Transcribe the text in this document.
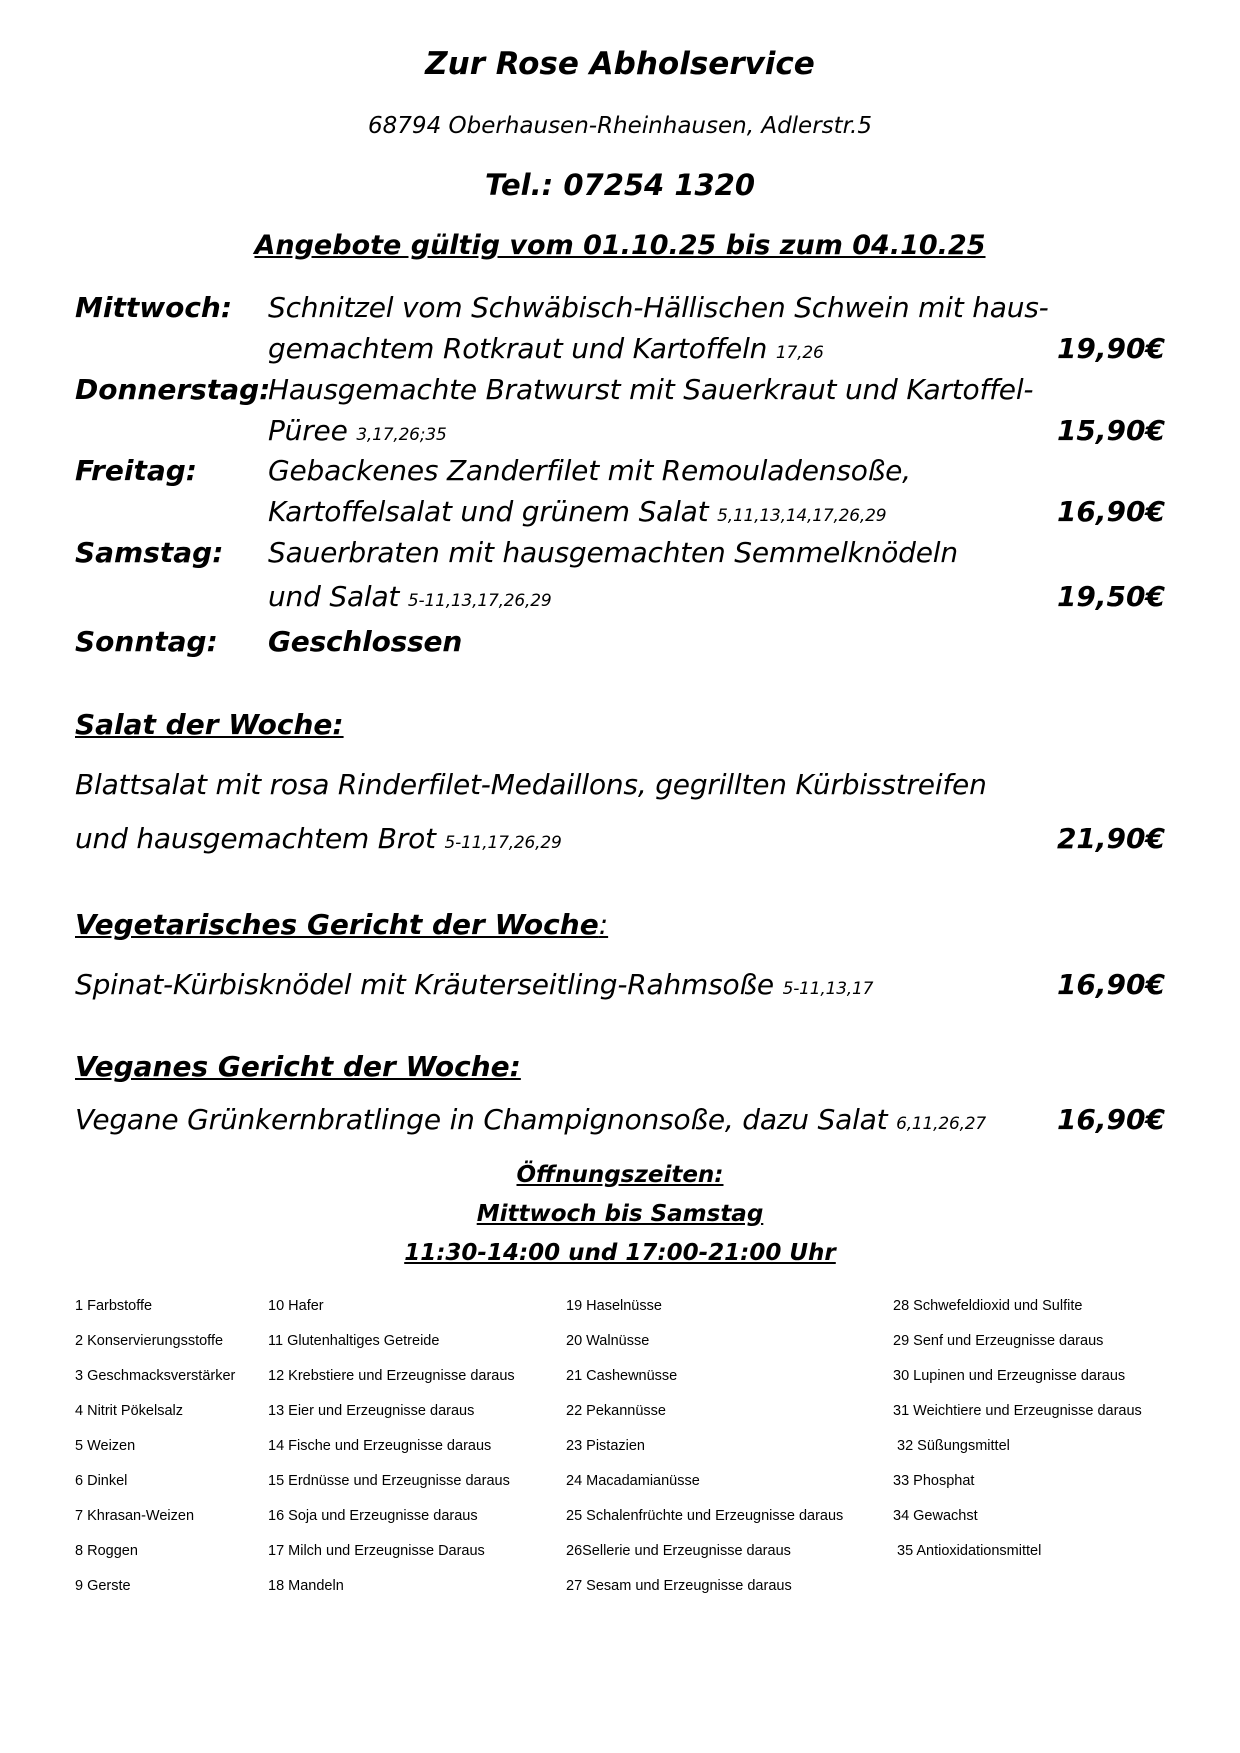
Zur Rose Abholservice
68794 Oberhausen-Rheinhausen, Adlerstr.5
Tel.: 07254 1320
Angebote gültig vom 01.10.25 bis zum 04.10.25
Mittwoch: Schnitzel vom Schwäbisch-Hällischen Schwein mit haus-
gemachtem Rotkraut und Kartoffeln 17,26	19,90€
Donnerstag:
Hausgemachte Bratwurst mit Sauerkraut und Kartoffel-
Püree 3,17,26;35	15,90€
Freitag:	Gebackenes Zanderfilet mit Remouladensoße,
Kartoffelsalat und grünem Salat 5,11,13,14,17,26,29	16,90€
Samstag: Sauerbraten mit hausgemachten Semmelknödeln
und Salat 5-11,13,17,26,29	19,50€
Sonntag: Geschlossen
Salat der Woche:
Blattsalat mit rosa Rinderfilet-Medaillons, gegrillten Kürbisstreifen
und hausgemachtem Brot 5-11,17,26,29	21,90€
Vegetarisches Gericht der Woche:
Spinat-Kürbisknödel mit Kräuterseitling-Rahmsoße 5-11,13,17	16,90€
Veganes Gericht der Woche:
Vegane Grünkernbratlinge in Champignonsoße, dazu Salat 6,11,26,27	16,90€
Öffnungszeiten:
Mittwoch bis Samstag
11:30-14:00 und 17:00-21:00 Uhr
1 Farbstoffe
2 Konservierungsstoffe
3 Geschmacksverstärker
4 Nitrit Pökelsalz
5 Weizen
6 Dinkel
7 Khrasan-Weizen
8 Roggen
9 Gerste
10 Hafer
11 Glutenhaltiges Getreide
12 Krebstiere und Erzeugnisse daraus
13 Eier und Erzeugnisse daraus
14 Fische und Erzeugnisse daraus
15 Erdnüsse und Erzeugnisse daraus
16 Soja und Erzeugnisse daraus
17 Milch und Erzeugnisse Daraus
18 Mandeln
19 Haselnüsse
20 Walnüsse
21 Cashewnüsse
22 Pekannüsse
23 Pistazien
24 Macadamianüsse
25 Schalenfrüchte und Erzeugnisse daraus
26Sellerie und Erzeugnisse daraus
27 Sesam und Erzeugnisse daraus
28 Schwefeldioxid und Sulfite
29 Senf und Erzeugnisse daraus
30 Lupinen und Erzeugnisse daraus
31 Weichtiere und Erzeugnisse daraus
32 Süßungsmittel
33 Phosphat
34 Gewachst
35 Antioxidationsmittel
